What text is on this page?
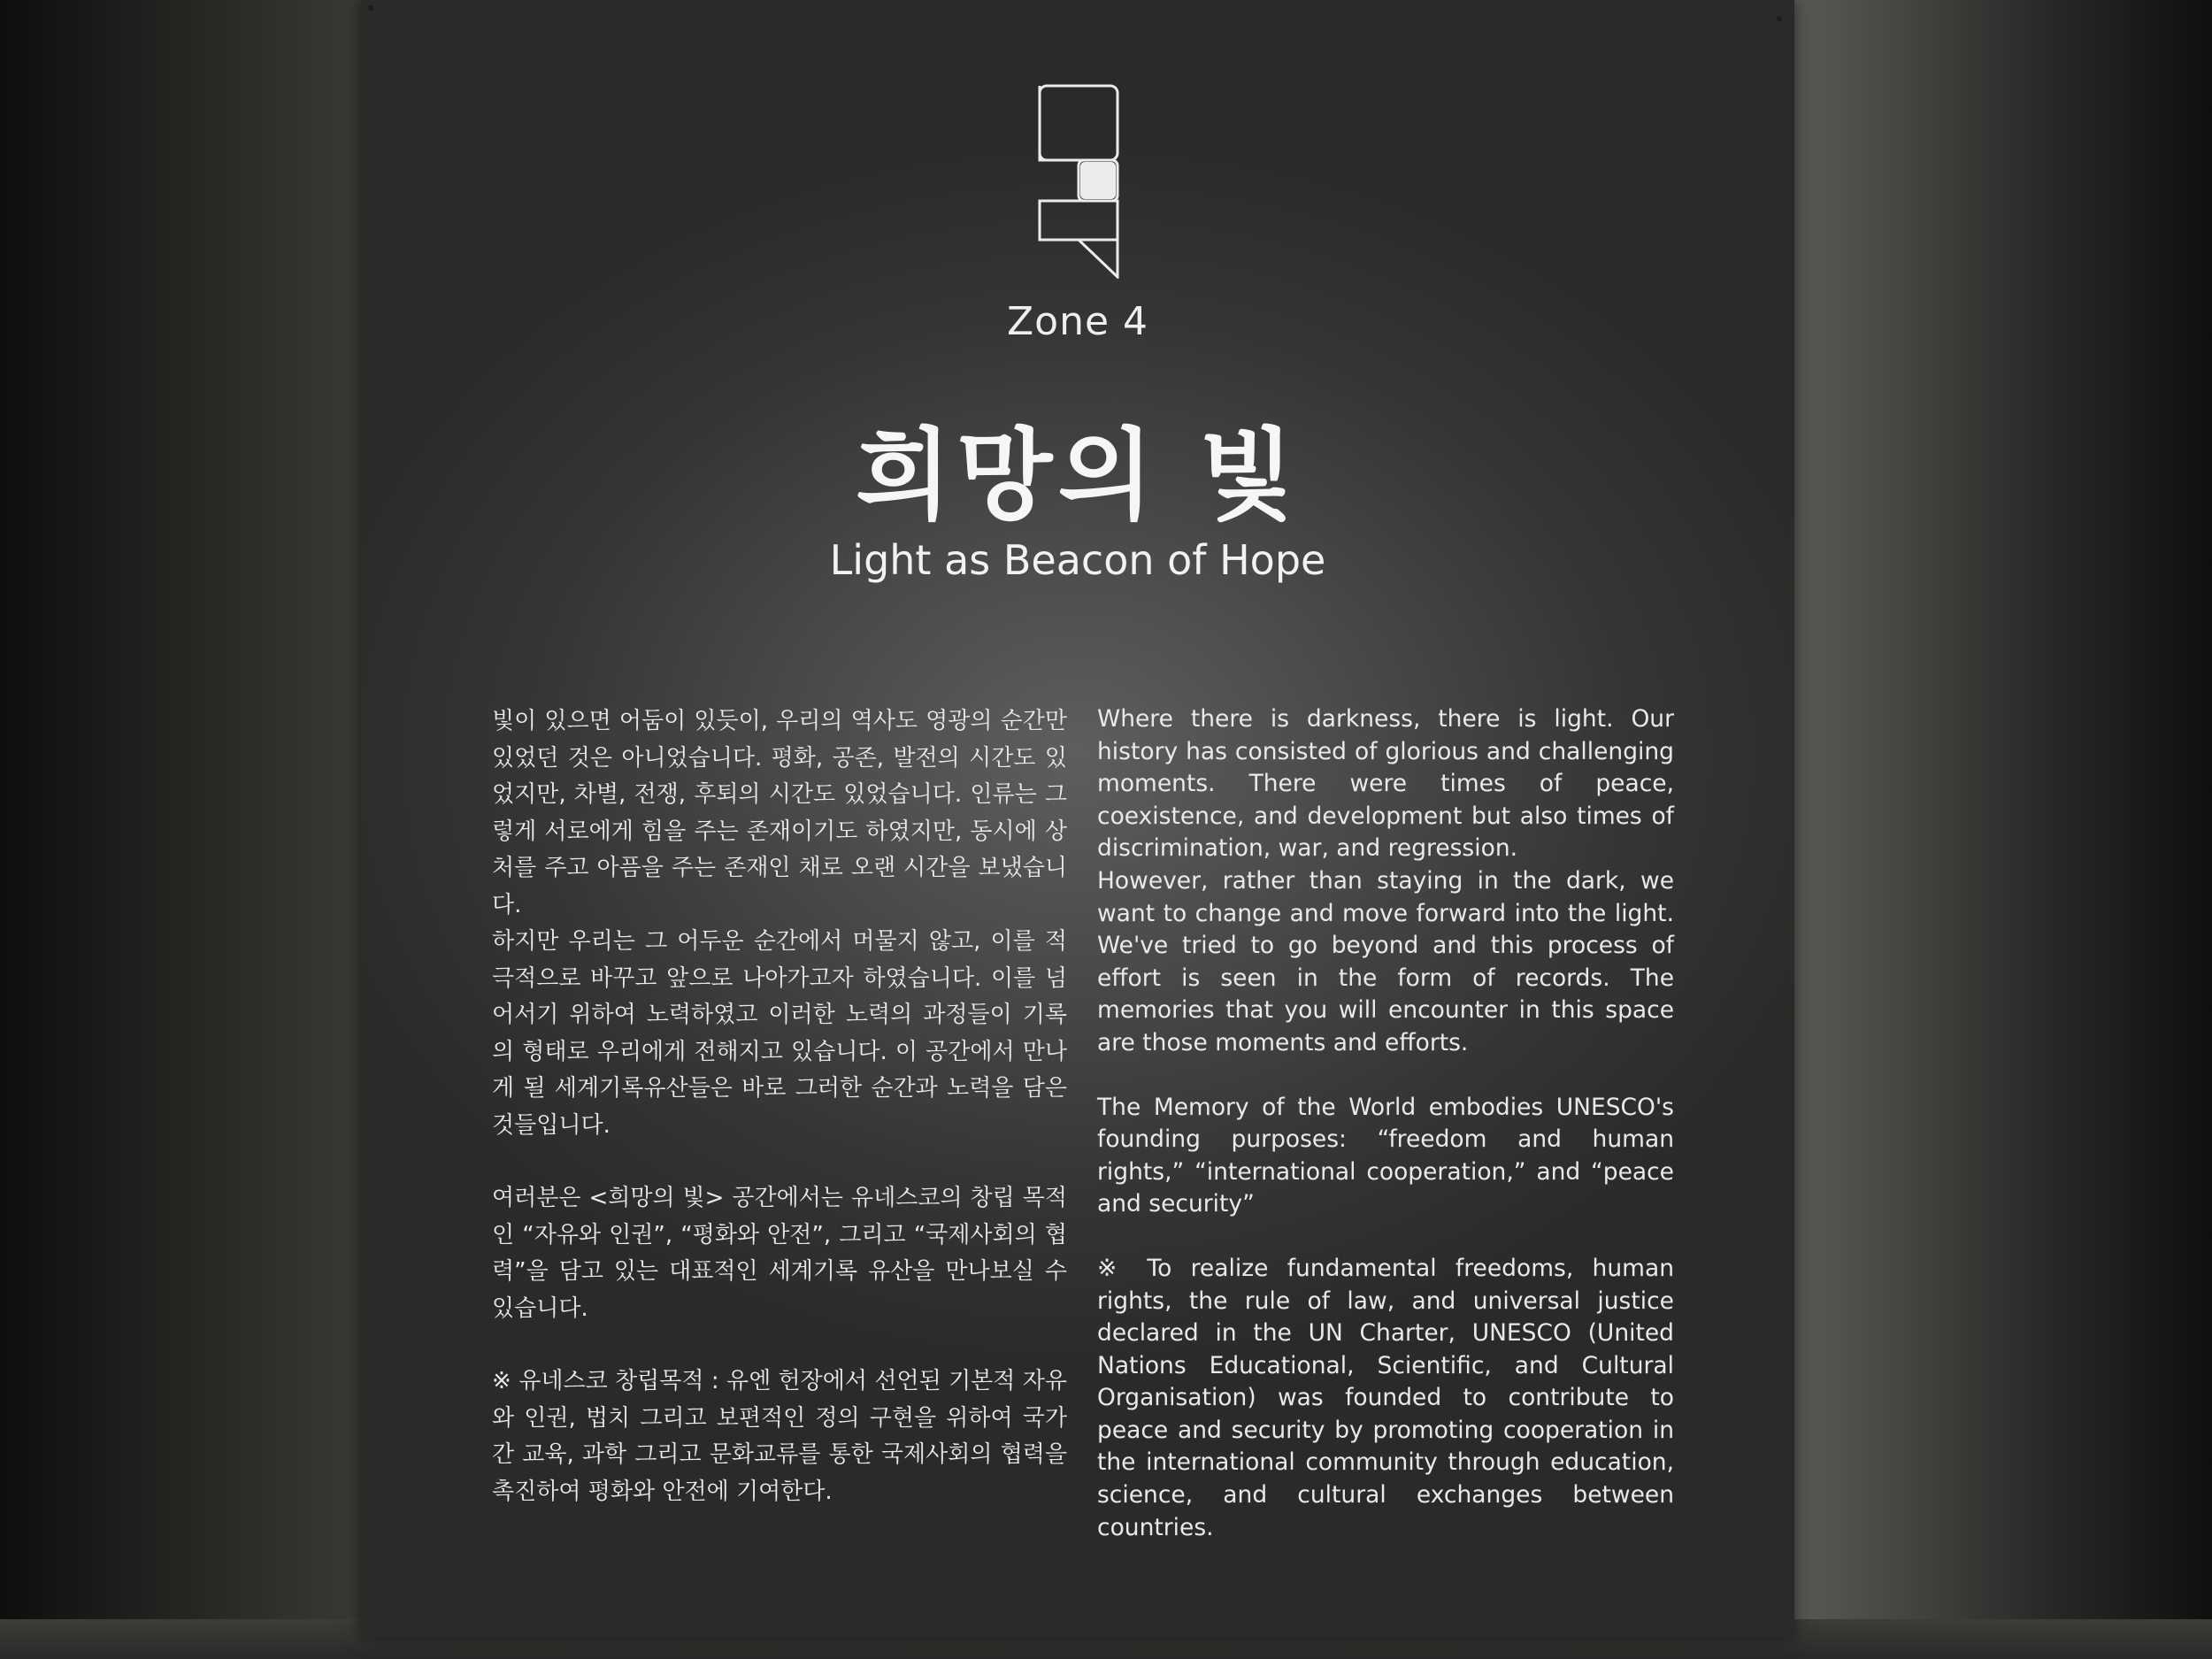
Zone 4
희망의 빛
Light as Beacon of Hope

빛이 있으면 어둠이 있듯이, 우리의 역사도 영광의 순간만 있었던 것은 아니었습니다. 평화, 공존, 발전의 시간도 있었지만, 차별, 전쟁, 후퇴의 시간도 있었습니다. 인류는 그렇게 서로에게 힘을 주는 존재이기도 하였지만, 동시에 상처를 주고 아픔을 주는 존재인 채로 오랜 시간을 보냈습니다.
하지만 우리는 그 어두운 순간에서 머물지 않고, 이를 적극적으로 바꾸고 앞으로 나아가고자 하였습니다. 이를 넘어서기 위하여 노력하였고 이러한 노력의 과정들이 기록의 형태로 우리에게 전해지고 있습니다. 이 공간에서 만나게 될 세계기록유산들은 바로 그러한 순간과 노력을 담은 것들입니다.

여러분은 <희망의 빛> 공간에서는 유네스코의 창립 목적인 “자유와 인권”, “평화와 안전”, 그리고 “국제사회의 협력”을 담고 있는 대표적인 세계기록 유산을 만나보실 수 있습니다.

※ 유네스코 창립목적 : 유엔 헌장에서 선언된 기본적 자유와 인권, 법치 그리고 보편적인 정의 구현을 위하여 국가간 교육, 과학 그리고 문화교류를 통한 국제사회의 협력을 촉진하여 평화와 안전에 기여한다.

Where there is darkness, there is light. Our history has consisted of glorious and challenging moments. There were times of peace, coexistence, and development but also times of discrimination, war, and regression.
However, rather than staying in the dark, we want to change and move forward into the light. We've tried to go beyond and this process of effort is seen in the form of records. The memories that you will encounter in this space are those moments and efforts.

The Memory of the World embodies UNESCO's founding purposes: “freedom and human rights,” “international cooperation,” and “peace and security”

※ To realize fundamental freedoms, human rights, the rule of law, and universal justice declared in the UN Charter, UNESCO (United Nations Educational, Scientific, and Cultural Organisation) was founded to contribute to peace and security by promoting cooperation in the international community through education, science, and cultural exchanges between countries.
